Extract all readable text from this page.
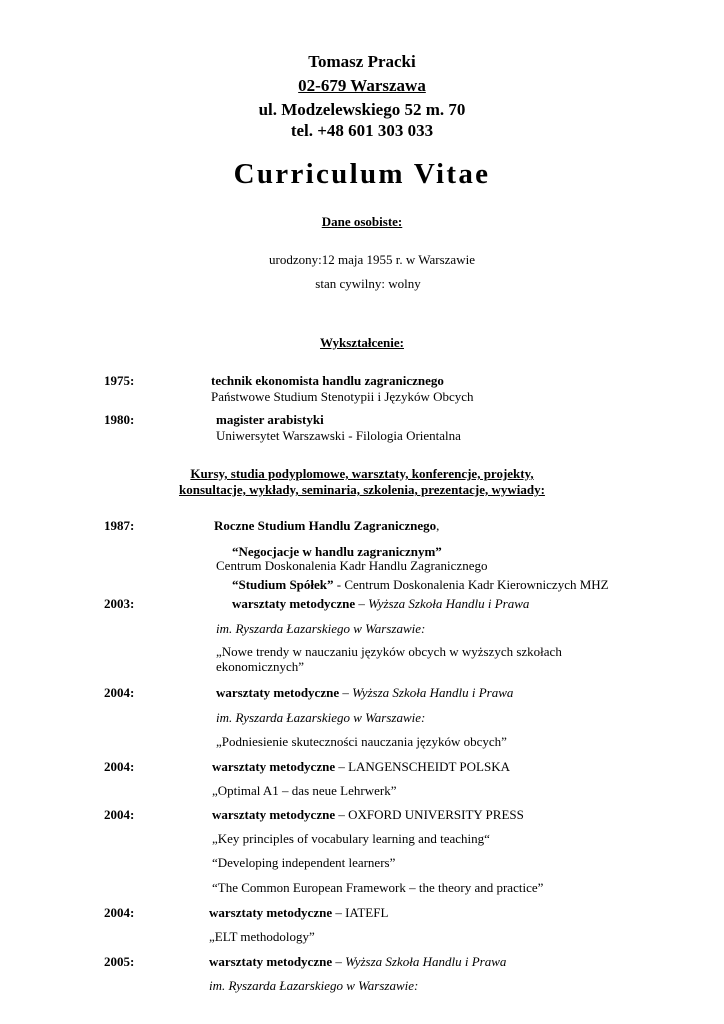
Tomasz Pracki
02-679 Warszawa
ul. Modzelewskiego 52 m. 70
tel. +48 601 303 033
Curriculum Vitae
Dane osobiste:
urodzony:12 maja 1955 r. w Warszawie
stan cywilny: wolny
Wykształcenie:
1975:	technik ekonomista handlu zagranicznego
Państwowe Studium Stenotypii i Języków Obcych
1980:	magister arabistyki
Uniwersytet Warszawski - Filologia Orientalna
Kursy, studia podyplomowe, warsztaty, konferencje, projekty,
konsultacje, wykłady, seminaria, szkolenia, prezentacje, wywiady:
1987:	Roczne Studium Handlu Zagranicznego,
“Negocjacje w handlu zagranicznym”
Centrum Doskonalenia Kadr Handlu Zagranicznego
“Studium Spółek” - Centrum Doskonalenia Kadr Kierowniczych MHZ
2003:	warsztaty metodyczne – Wyższa Szkoła Handlu i Prawa
im. Ryszarda Łazarskiego w Warszawie:
„Nowe trendy w nauczaniu języków obcych w wyższych szkołach
ekonomicznych”
2004:	warsztaty metodyczne – Wyższa Szkoła Handlu i Prawa
im. Ryszarda Łazarskiego w Warszawie:
„Podniesienie skuteczności nauczania języków obcych”
2004:	warsztaty metodyczne – LANGENSCHEIDT POLSKA
„Optimal A1 – das neue Lehrwerk”
2004:	warsztaty metodyczne – OXFORD UNIVERSITY PRESS
„Key principles of vocabulary learning and teaching“
“Developing independent learners”
“The Common European Framework – the theory and practice”
2004:	warsztaty metodyczne – IATEFL
„ELT methodology”
2005:	warsztaty metodyczne – Wyższa Szkoła Handlu i Prawa
im. Ryszarda Łazarskiego w Warszawie:
